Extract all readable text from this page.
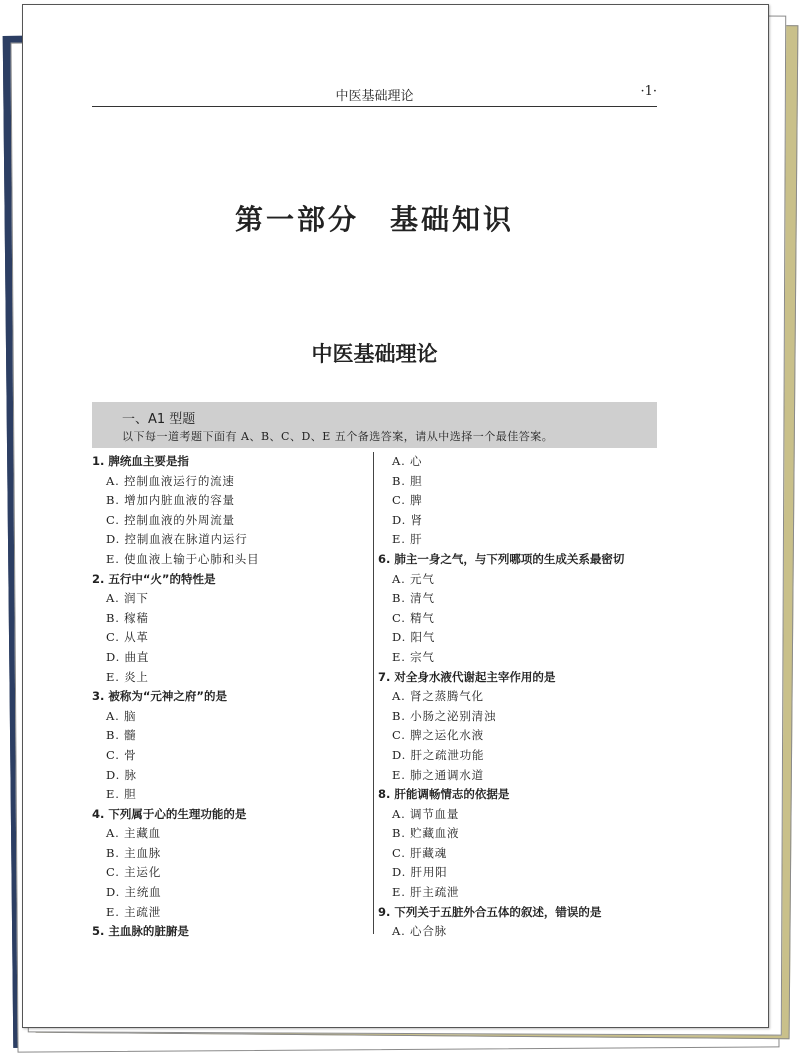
中医基础理论	·1·
第一部分　基础知识
中医基础理论
一、A1 型题
以下每一道考题下面有 A、B、C、D、E 五个备选答案，请从中选择一个最佳答案。
1. 脾统血主要是指
A. 控制血液运行的流速
B. 增加内脏血液的容量
C. 控制血液的外周流量
D. 控制血液在脉道内运行
E. 使血液上输于心肺和头目
2. 五行中“火”的特性是
A. 润下
B. 稼穑
C. 从革
D. 曲直
E. 炎上
3. 被称为“元神之府”的是
A. 脑
B. 髓
C. 骨
D. 脉
E. 胆
4. 下列属于心的生理功能的是
A. 主藏血
B. 主血脉
C. 主运化
D. 主统血
E. 主疏泄
5. 主血脉的脏腑是
A. 心
B. 胆
C. 脾
D. 肾
E. 肝
6. 肺主一身之气，与下列哪项的生成关系最密切
A. 元气
B. 清气
C. 精气
D. 阳气
E. 宗气
7. 对全身水液代谢起主宰作用的是
A. 肾之蒸腾气化
B. 小肠之泌别清浊
C. 脾之运化水液
D. 肝之疏泄功能
E. 肺之通调水道
8. 肝能调畅情志的依据是
A. 调节血量
B. 贮藏血液
C. 肝藏魂
D. 肝用阳
E. 肝主疏泄
9. 下列关于五脏外合五体的叙述，错误的是
A. 心合脉
